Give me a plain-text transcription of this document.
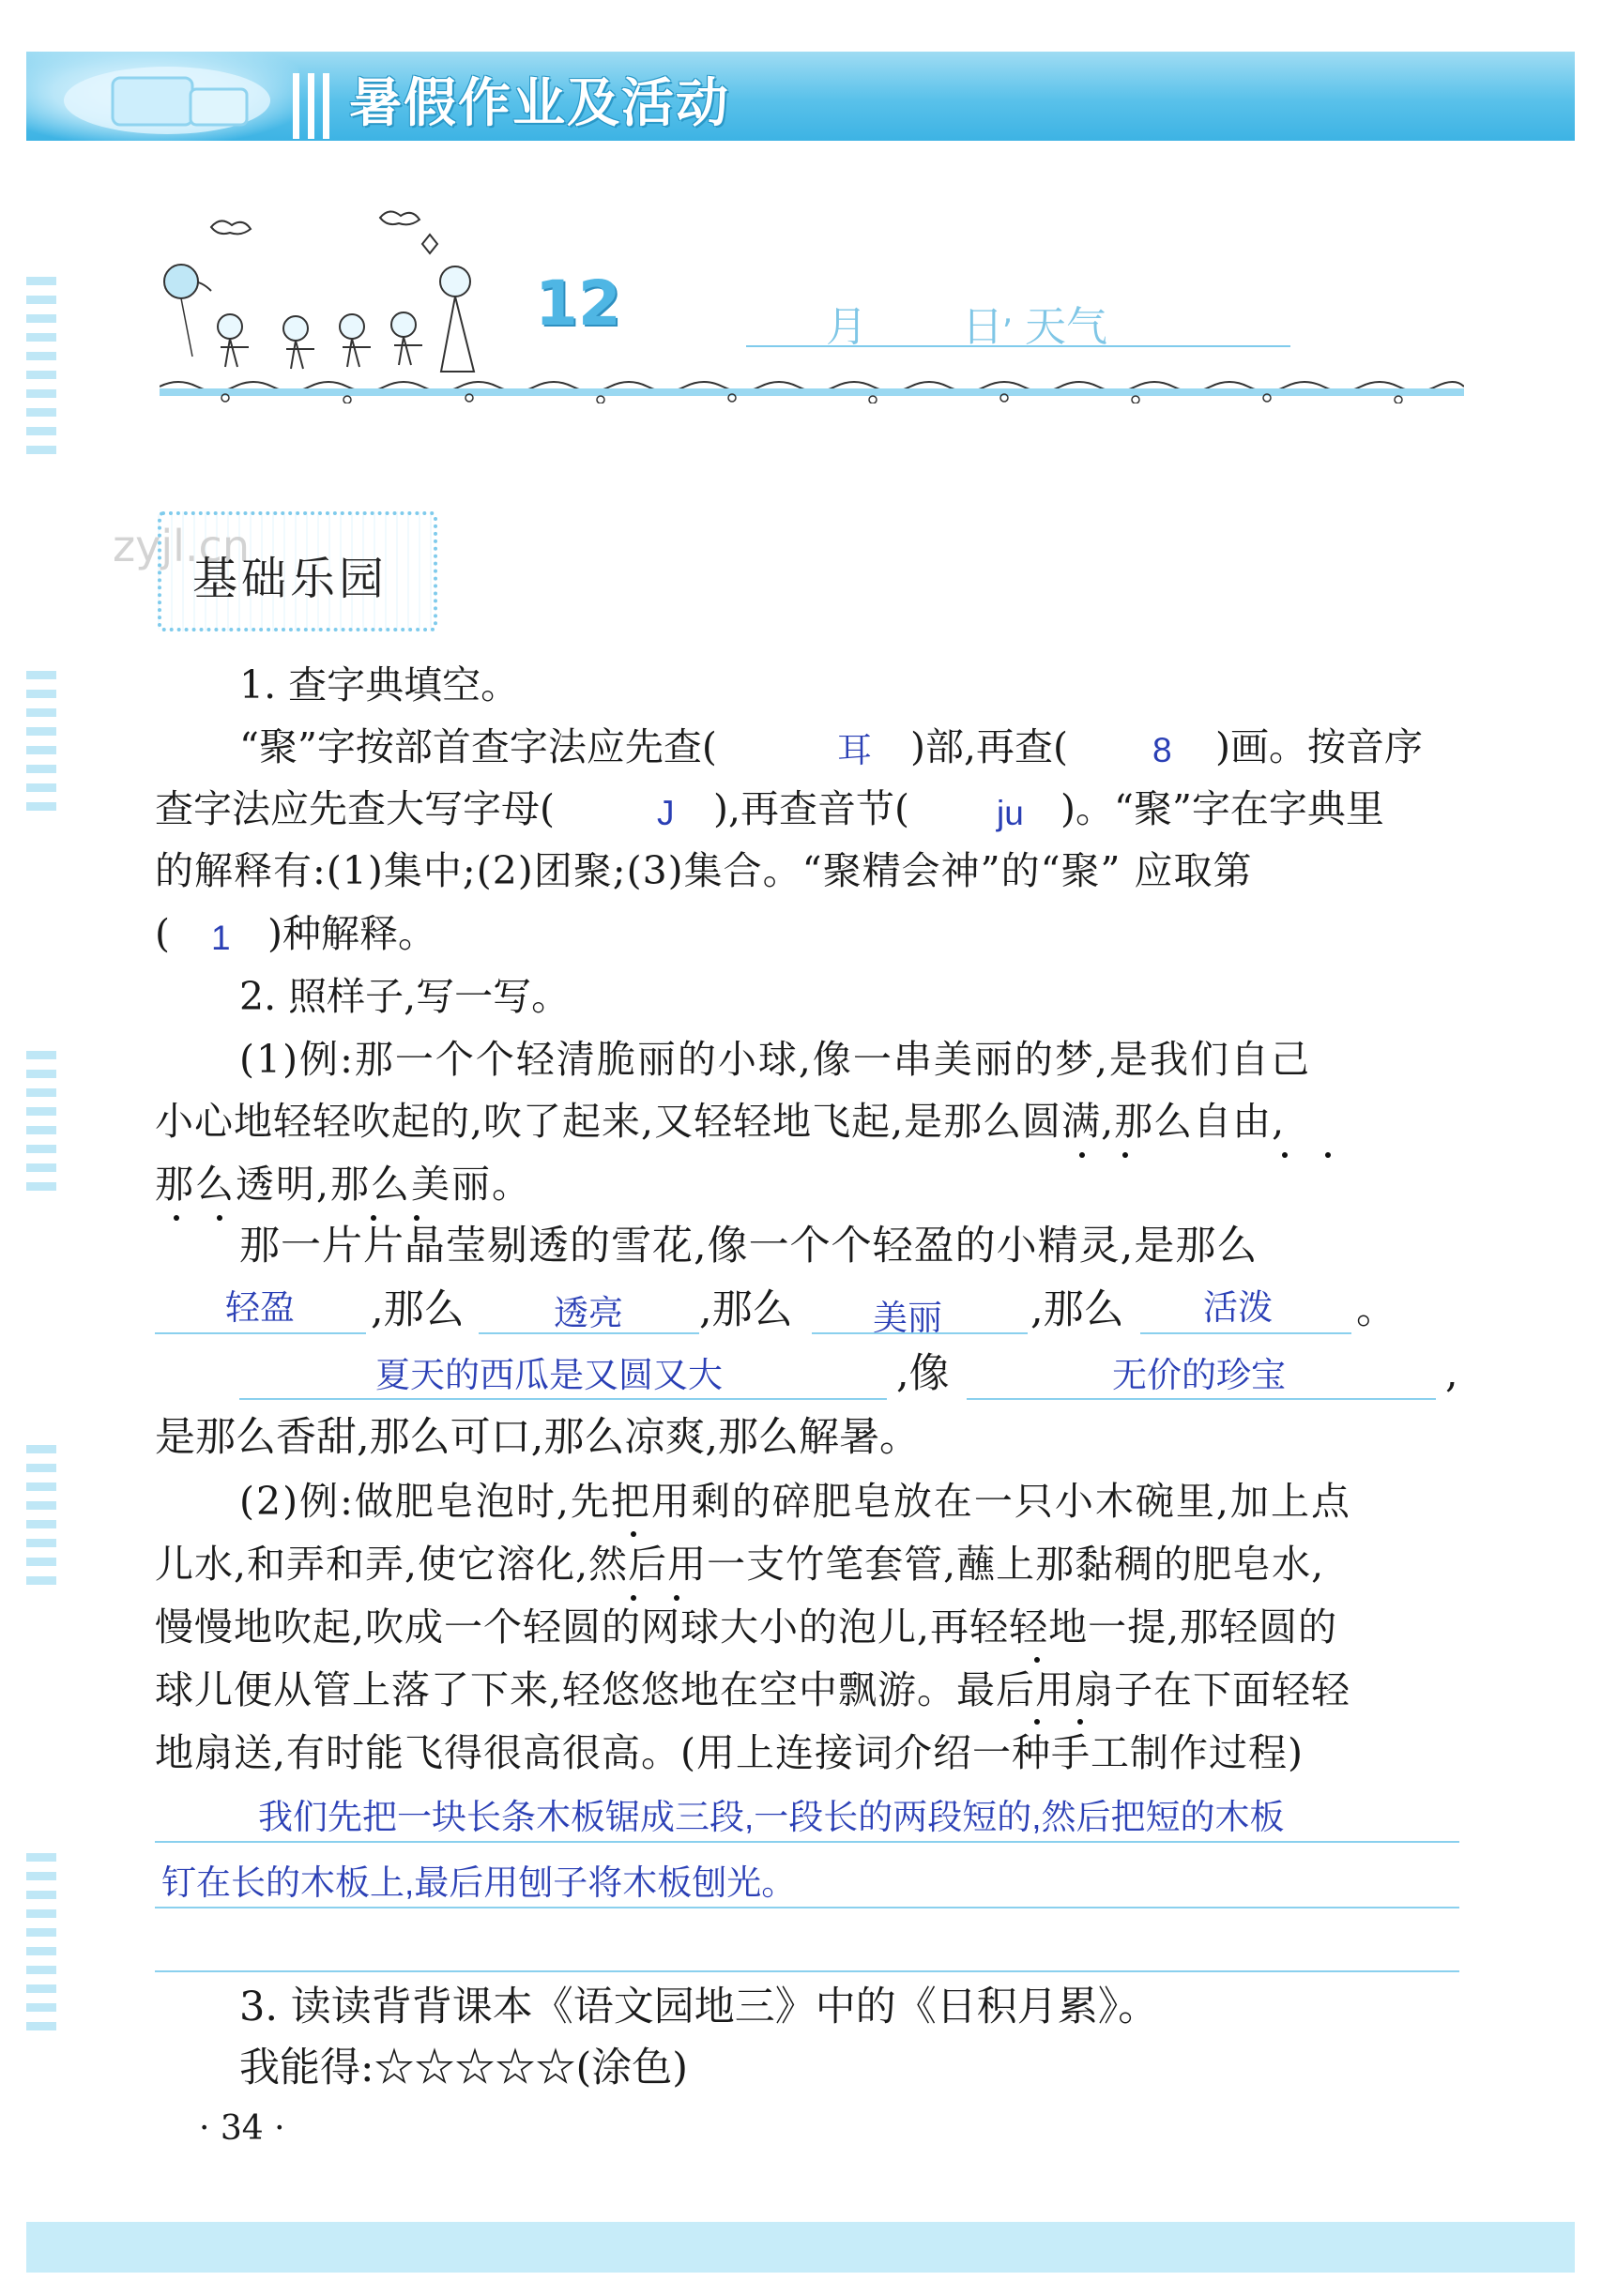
暑假作业及活动
12	月 日 , 天气
zyjl.cn
基础乐园
1. 查字典填空。
“聚”字按部首查字法应先查(	耳 )部,再查( 8 )画。按音序
查字法应先查大写字母(	J ),再查音节(	ju )。“聚”字在字典里
的解释有:(1)集中;(2)团聚;(3)集合。“聚精会神”的“聚” 应取第
( 1 )种解释。
2. 照样子,写一写。
(1)例:那一个个轻清脆丽的小球,像一串美丽的梦,是我们自己
小心地轻轻吹起的,吹了起来,又轻轻地飞起,是那么圆满,那么自由,
那么透明,那么美丽。
那一片片晶莹剔透的雪花,像一个个轻盈的小精灵,是那么
轻盈 ,那么	透亮 ,那么 美丽 ,那么 活泼 。
夏天的西瓜是又圆又大	,像	无价的珍宝	,
是那么香甜,那么可口,那么凉爽,那么解暑。
(2)例:做肥皂泡时,先把用剩的碎肥皂放在一只小木碗里,加上点
儿水,和弄和弄,使它溶化,然后用一支竹笔套管,蘸上那黏稠的肥皂水,
慢慢地吹起,吹成一个轻圆的网球大小的泡儿,再轻轻地一提,那轻圆的
球儿便从管上落了下来,轻悠悠地在空中飘游。最后用扇子在下面轻轻
地扇送,有时能飞得很高很高。(用上连接词介绍一种手工制作过程)
我们先把一块长条木板锯成三段,一段长的两段短的,然后把短的木板
钉在长的木板上,最后用刨子将木板刨光。
3. 读读背背课本《语文园地三》中的《日积月累》。
我能得:☆☆☆☆☆(涂色)
· 34 ·
